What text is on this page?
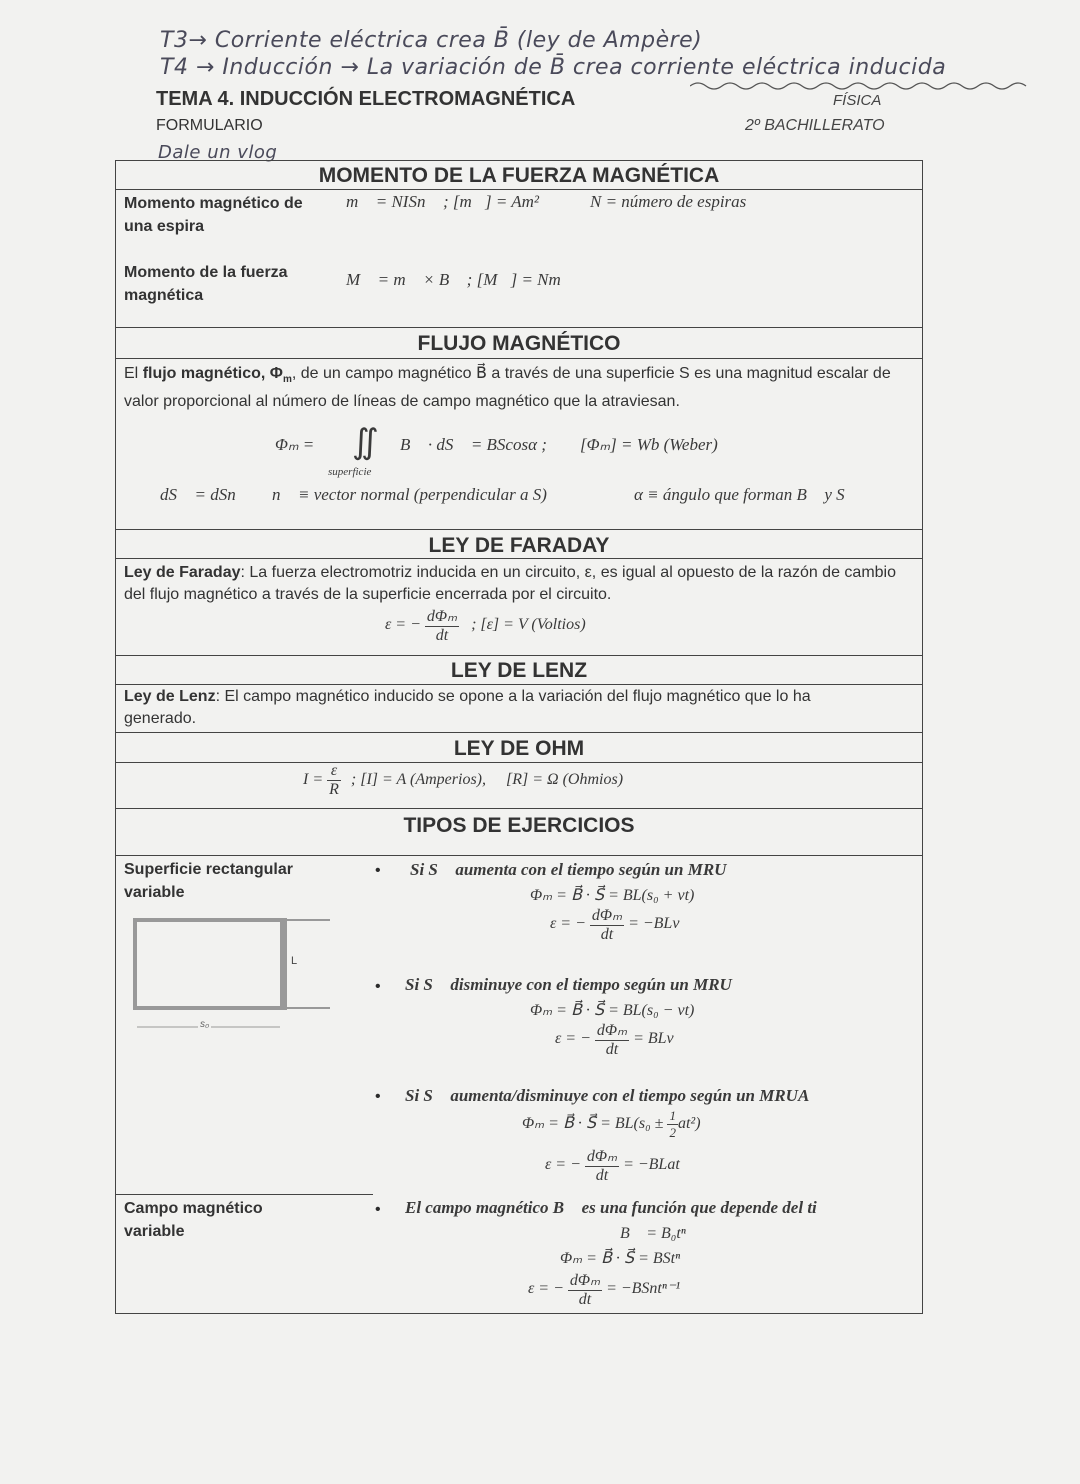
T3→ Corriente eléctrica crea B̄ (ley de Ampère)
T4 → Inducción → La variación de B̄ crea corriente eléctrica inducida
Dale un vlog
TEMA 4. INDUCCIÓN ELECTROMAGNÉTICA	FÍSICA
FORMULARIO	2º BACHILLERATO
MOMENTO DE LA FUERZA MAGNÉTICA
Momento magnético de una espira
m⃗ = NISn⃗ ; [m⃗] = Am²	N = número de espiras
Momento de la fuerza magnética
M⃗ = m⃗ × B⃗ ; [M⃗] = Nm
FLUJO MAGNÉTICO
El flujo magnético, $\Phi_m$, de un campo magnético B⃗ a través de una superficie S es una magnitud escalar de valor proporcional al número de líneas de campo magnético que la atraviesan.
Φₘ = ∬
superficie
B⃗ · dS⃗ = BScosα ; [Φₘ] = Wb (Weber)
dS⃗ = dSn⃗ n⃗ ≡ vector normal (perpendicular a S)	α ≡ ángulo que forman B⃗ y S⃗
LEY DE FARADAY
Ley de Faraday: La fuerza electromotriz inducida en un circuito, ε, es igual al opuesto de la razón de cambio del flujo magnético a través de la superficie encerrada por el circuito.
ε = − $\frac{\text{dΦₘ}}{dt}$ ; [ε] = V (Voltios)
LEY DE LENZ
Ley de Lenz: El campo magnético inducido se opone a la variación del flujo magnético que lo ha generado.
LEY DE OHM
$I = \frac{\varepsilon}{R}$ ; [I] = A (Amperios),     [R] = Ω (Ohmios)
TIPOS DE EJERCICIOS
Superficie rectangular variable
L
s₀
• Si S⃗ aumenta con el tiempo según un MRU
Φₘ = B⃗ · S⃗ = BL(s₀ + vt)
ε = − $\frac{\text{dΦₘ}}{dt} = -BLv$
• Si S⃗ disminuye con el tiempo según un MRU
Φₘ = B⃗ · S⃗ = BL(s₀ − vt)
ε = − $\frac{\text{dΦₘ}}{dt}$ = BLv
• Si S⃗ aumenta/disminuye con el tiempo según un MRUA
Φₘ = B⃗ · S⃗ = $BL(s_0 \pm \frac{1}{2} at^2)$
ε = − $\frac{\text{dΦₘ}}{dt}$ = −BLat
Campo magnético variable
• El campo magnético B⃗ es una función que depende del ti
B⃗ = B₀tⁿ
Φₘ = B⃗ · S⃗ = BStⁿ
ε = − $\frac{\text{dΦₘ}}{dt}$ = −BSntⁿ⁻¹
